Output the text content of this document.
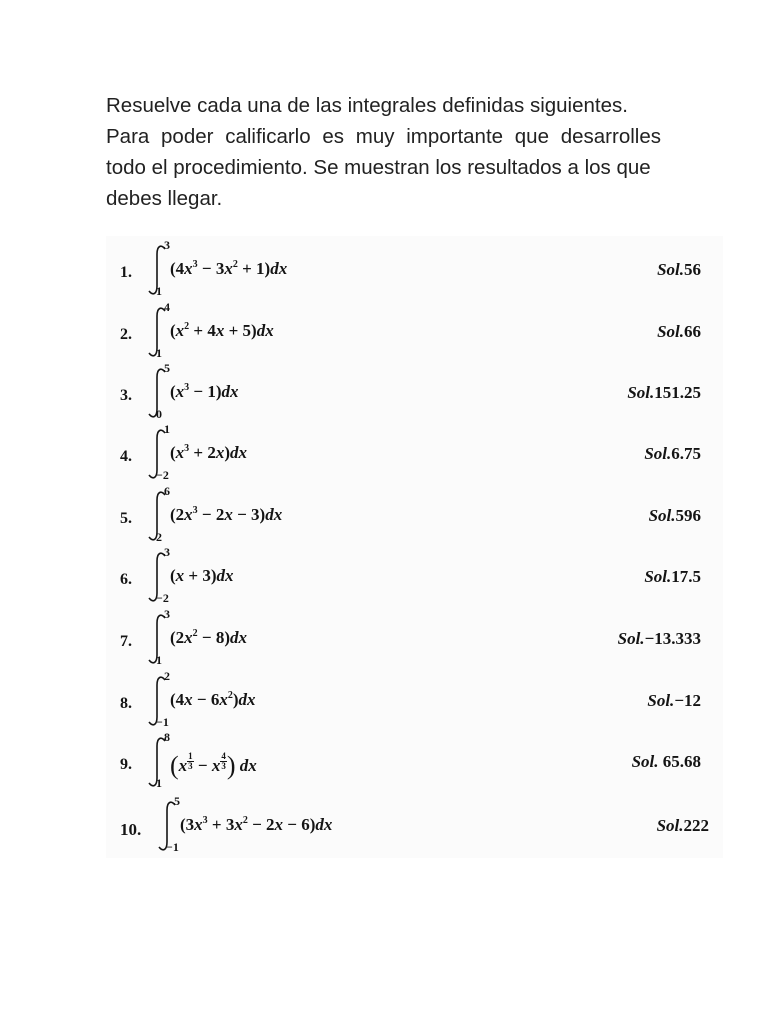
Resuelve cada una de las integrales definidas siguientes.

Para poder calificarlo es muy importante que desarrolles todo el procedimiento. Se muestran los resultados a los que

debes llegar.

1.
3
1
$(4x^3 - 3x^2 + 1)dx$	Sol.56
2.
4
1
$(x^2 + 4x + 5)dx$	Sol.66
3.
5
0
$(x^3 - 1)dx$	Sol.151.25
4.
1
−2
$(x^3 + 2x)dx$	Sol.6.75
5.
6
2
$(2x^3 - 2x - 3)dx$	Sol.596
6.
3
−2
(x + 3)dx	Sol.17.5
7.
3
1
$(2x^2 - 8)dx$	Sol.−13.333
8.
2
−1
$(4x - 6x^2)dx$	Sol.−12
9.
8
1
(x $^{\frac{1}{3}}$ − x $^{\frac{4}{3}}$ ) dx	Sol. 65.68
10.
5
−1
$(3x^3 + 3x^2 - 2x - 6)dx$	Sol.222
